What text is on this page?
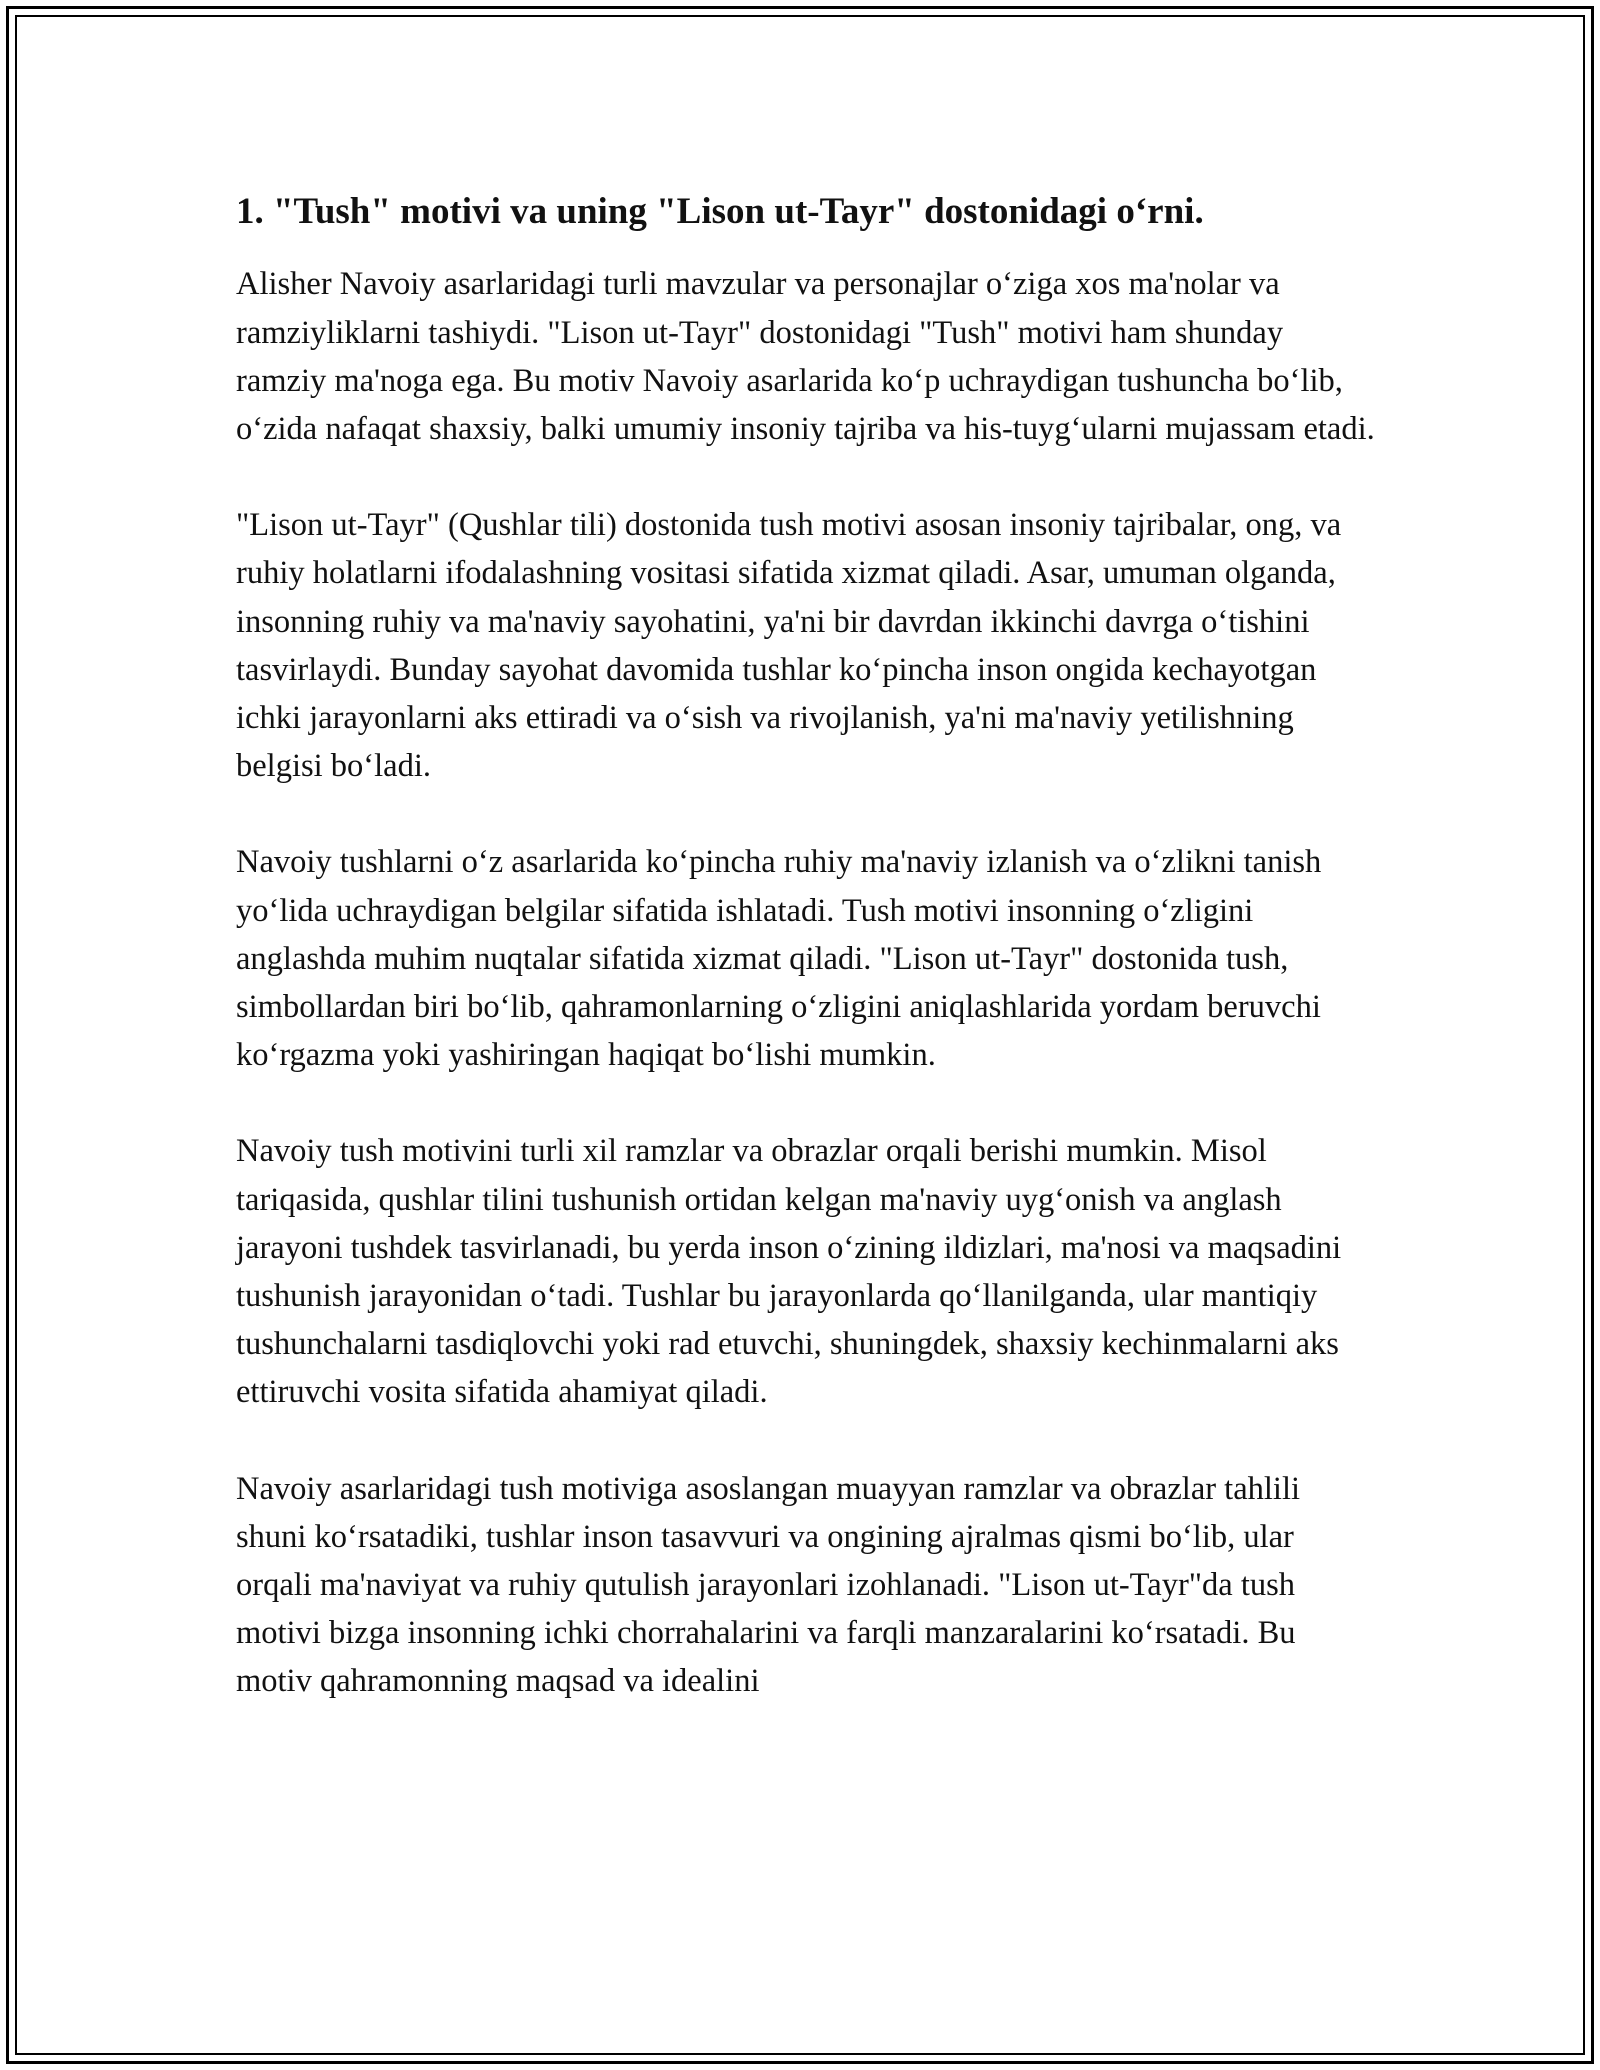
1. "Tush" motivi va uning "Lison ut-Tayr" dostonidagi o‘rni.

Alisher Navoiy asarlaridagi turli mavzular va personajlar o‘ziga xos ma'nolar va ramziyliklarni tashiydi. "Lison ut-Tayr" dostonidagi "Tush" motivi ham shunday ramziy ma'noga ega. Bu motiv Navoiy asarlarida ko‘p uchraydigan tushuncha bo‘lib, o‘zida nafaqat shaxsiy, balki umumiy insoniy tajriba va his-tuyg‘ularni mujassam etadi.

"Lison ut-Tayr" (Qushlar tili) dostonida tush motivi asosan insoniy tajribalar, ong, va ruhiy holatlarni ifodalashning vositasi sifatida xizmat qiladi. Asar, umuman olganda, insonning ruhiy va ma'naviy sayohatini, ya'ni bir davrdan ikkinchi davrga o‘tishini tasvirlaydi. Bunday sayohat davomida tushlar ko‘pincha inson ongida kechayotgan ichki jarayonlarni aks ettiradi va o‘sish va rivojlanish, ya'ni ma'naviy yetilishning belgisi bo‘ladi.

Navoiy tushlarni o‘z asarlarida ko‘pincha ruhiy ma'naviy izlanish va o‘zlikni tanish yo‘lida uchraydigan belgilar sifatida ishlatadi. Tush motivi insonning o‘zligini anglashda muhim nuqtalar sifatida xizmat qiladi. "Lison ut-Tayr" dostonida tush, simbollardan biri bo‘lib, qahramonlarning o‘zligini aniqlashlarida yordam beruvchi ko‘rgazma yoki yashiringan haqiqat bo‘lishi mumkin.

Navoiy tush motivini turli xil ramzlar va obrazlar orqali berishi mumkin. Misol tariqasida, qushlar tilini tushunish ortidan kelgan ma'naviy uyg‘onish va anglash jarayoni tushdek tasvirlanadi, bu yerda inson o‘zining ildizlari, ma'nosi va maqsadini tushunish jarayonidan o‘tadi. Tushlar bu jarayonlarda qo‘llanilganda, ular mantiqiy tushunchalarni tasdiqlovchi yoki rad etuvchi, shuningdek, shaxsiy kechinmalarni aks ettiruvchi vosita sifatida ahamiyat qiladi.

Navoiy asarlaridagi tush motiviga asoslangan muayyan ramzlar va obrazlar tahlili shuni ko‘rsatadiki, tushlar inson tasavvuri va ongining ajralmas qismi bo‘lib, ular orqali ma'naviyat va ruhiy qutulish jarayonlari izohlanadi. "Lison ut-Tayr"da tush motivi bizga insonning ichki chorrahalarini va farqli manzaralarini ko‘rsatadi. Bu motiv qahramonning maqsad va idealini
